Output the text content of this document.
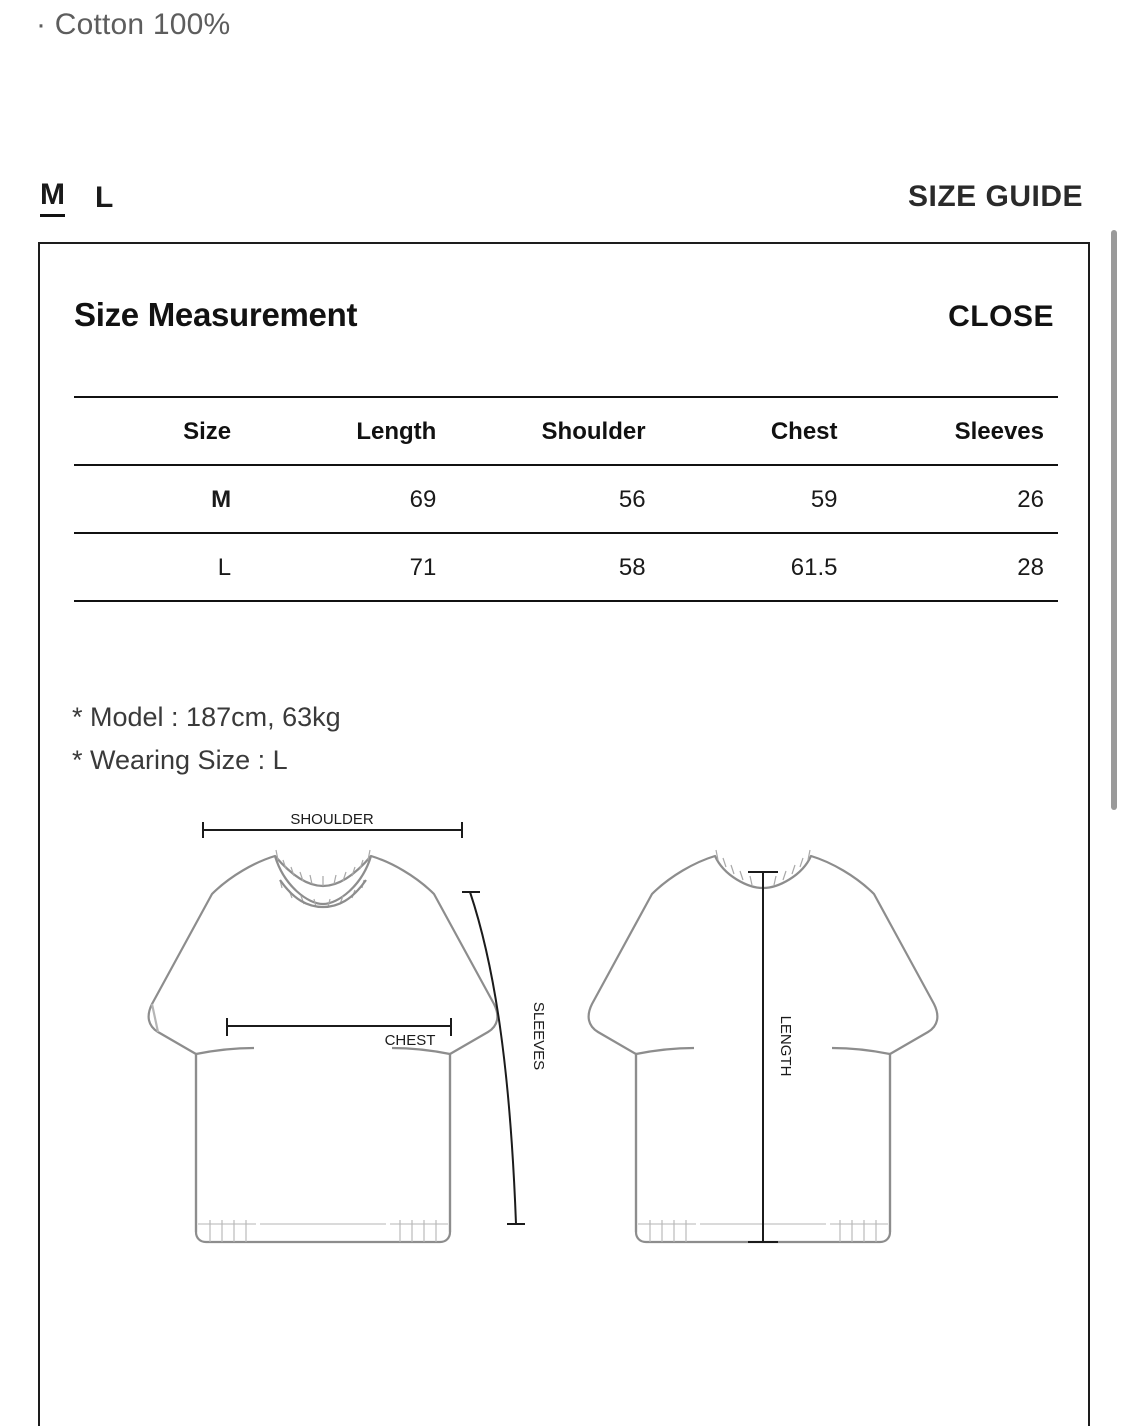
· Cotton 100%
M L	SIZE GUIDE
Size Measurement	CLOSE
Size	Length	Shoulder	Chest	Sleeves
M	69	56	59	26
L	71	58	61.5	28
* Model : 187cm, 63kg
* Wearing Size : L
SHOULDER
CHEST	SLEEVES	LENGTH
